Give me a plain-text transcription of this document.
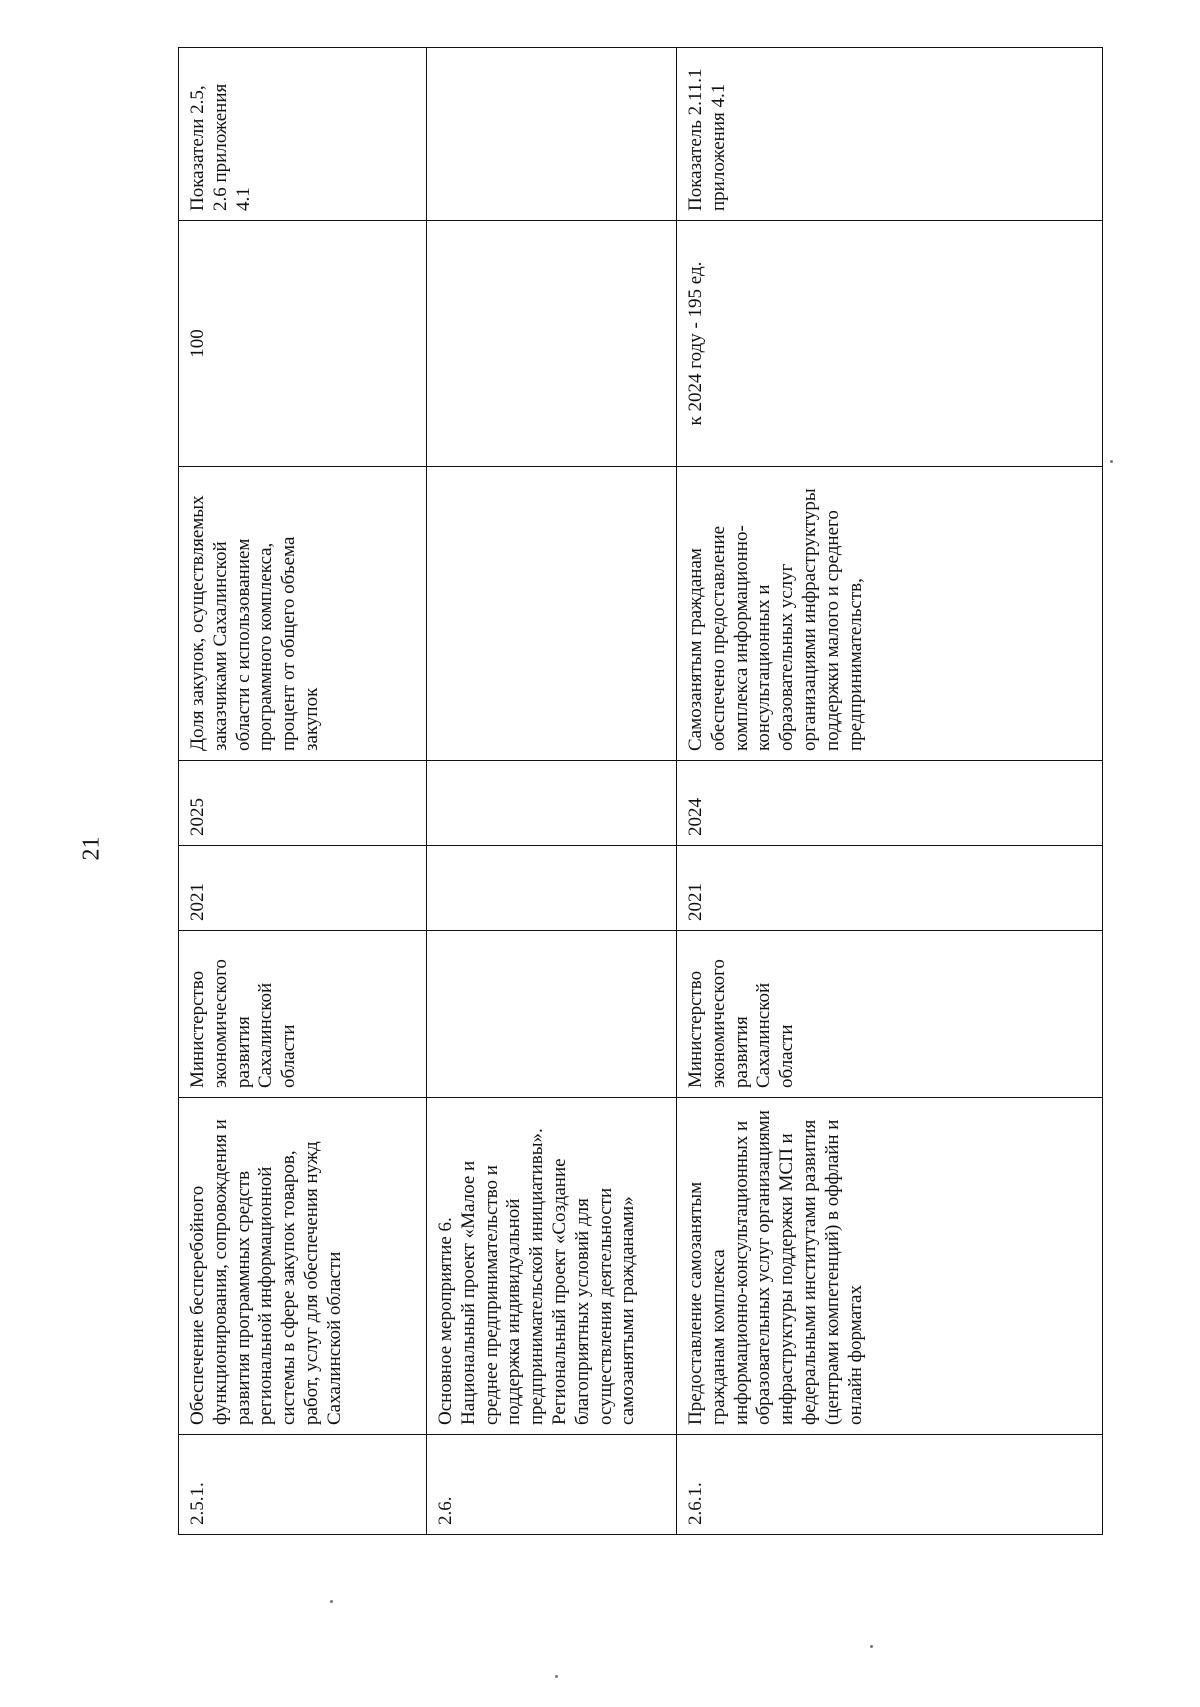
21
2.5.1.	Обеспечение бесперебойного функционирования, сопровождения и развития программных средств региональной информационной системы в сфере закупок товаров, работ, услуг для обеспечения нужд Сахалинской области	Министерство экономического развития Сахалинской области	2021	2025	Доля закупок, осуществляемых заказчиками Сахалинской области с использованием программного комплекса, процент от общего объема закупок	100	Показатели 2.5, 2.6 приложения 4.1
2.6.	Основное мероприятие 6. Национальный проект «Малое и среднее предпринимательство и поддержка индивидуальной предпринимательской инициативы». Региональный проект «Создание благоприятных условий для осуществления деятельности самозанятыми гражданами»						
2.6.1.	Предоставление самозанятым гражданам комплекса информационно-консультационных и образовательных услуг организациями инфраструктуры поддержки МСП и федеральными институтами развития (центрами компетенций) в оффлайн и онлайн форматах	Министерство экономического развития Сахалинской области	2021	2024	Самозанятым гражданам обеспечено предоставление комплекса информационно-консультационных и образовательных услуг организациями инфраструктуры поддержки малого и среднего предпринимательств,	к 2024 году - 195 ед.	Показатель 2.11.1 приложения 4.1
